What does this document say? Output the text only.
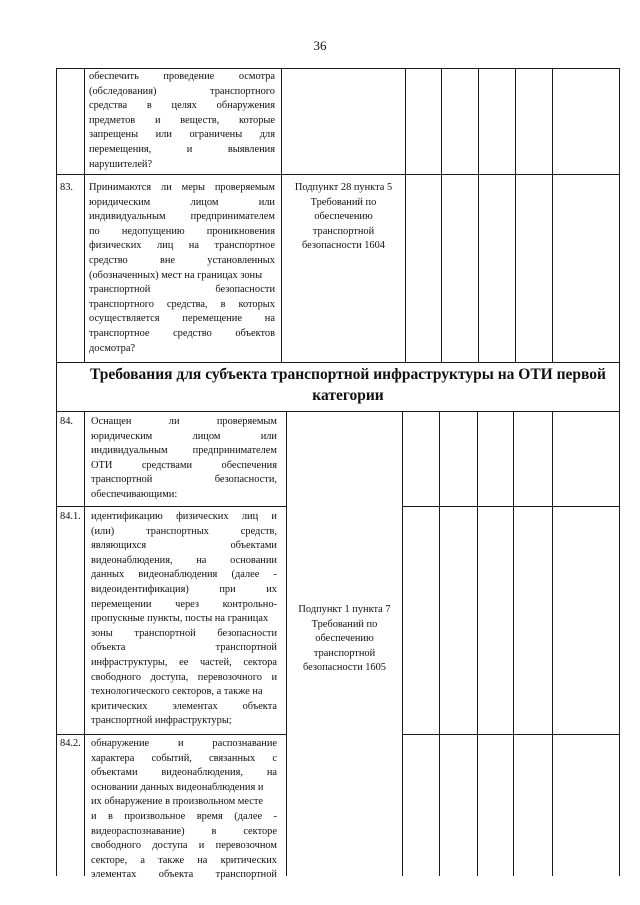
36
обеспечить проведение осмотра
(обследования)	транспортного
средства в целях обнаружения
предметов и веществ, которые
запрещены или ограничены для
перемещения,	и	выявления
нарушителей?
83. Принимаются ли меры проверяемым
юридическим	лицом	или
индивидуальным предпринимателем
по недопущению проникновения
физических лиц на транспортное
средство	вне	установленных
(обозначенных) мест на границах зоны
транспортной	безопасности
транспортного средства, в которых
осуществляется перемещение на
транспортное средство объектов
досмотра?
Подпункт 28 пункта 5
Требований по
обеспечению
транспортной
безопасности 1604
Требования для субъекта транспортной инфраструктуры на ОТИ первой
категории
84. Оснащен	ли	проверяемым
юридическим	лицом	или
индивидуальным предпринимателем
ОТИ	средствами	обеспечения
транспортной	безопасности,
обеспечивающими:
84.1. идентификацию физических лиц и
(или)	транспортных	средств,
являющихся	объектами
видеонаблюдения, на основании
данных видеонаблюдения (далее -
видеоидентификация)	при	их
перемещении через контрольно-
пропускные пункты, посты на границах
зоны транспортной безопасности
объекта	транспортной
инфраструктуры, ее частей, сектора
свободного доступа, перевозочного и
технологического секторов, а также на
критических элементах объекта
транспортной инфраструктуры;
Подпункт 1 пункта 7
Требований по
обеспечению
транспортной
безопасности 1605
84.2. обнаружение	и	распознавание
характера событий, связанных с
объектами видеонаблюдения, на
основании данных видеонаблюдения и
их обнаружение в произвольном месте
и в произвольное время (далее -
видеораспознавание)	в	секторе
свободного доступа и перевозочном
секторе, а также на критических
элементах объекта транспортной
